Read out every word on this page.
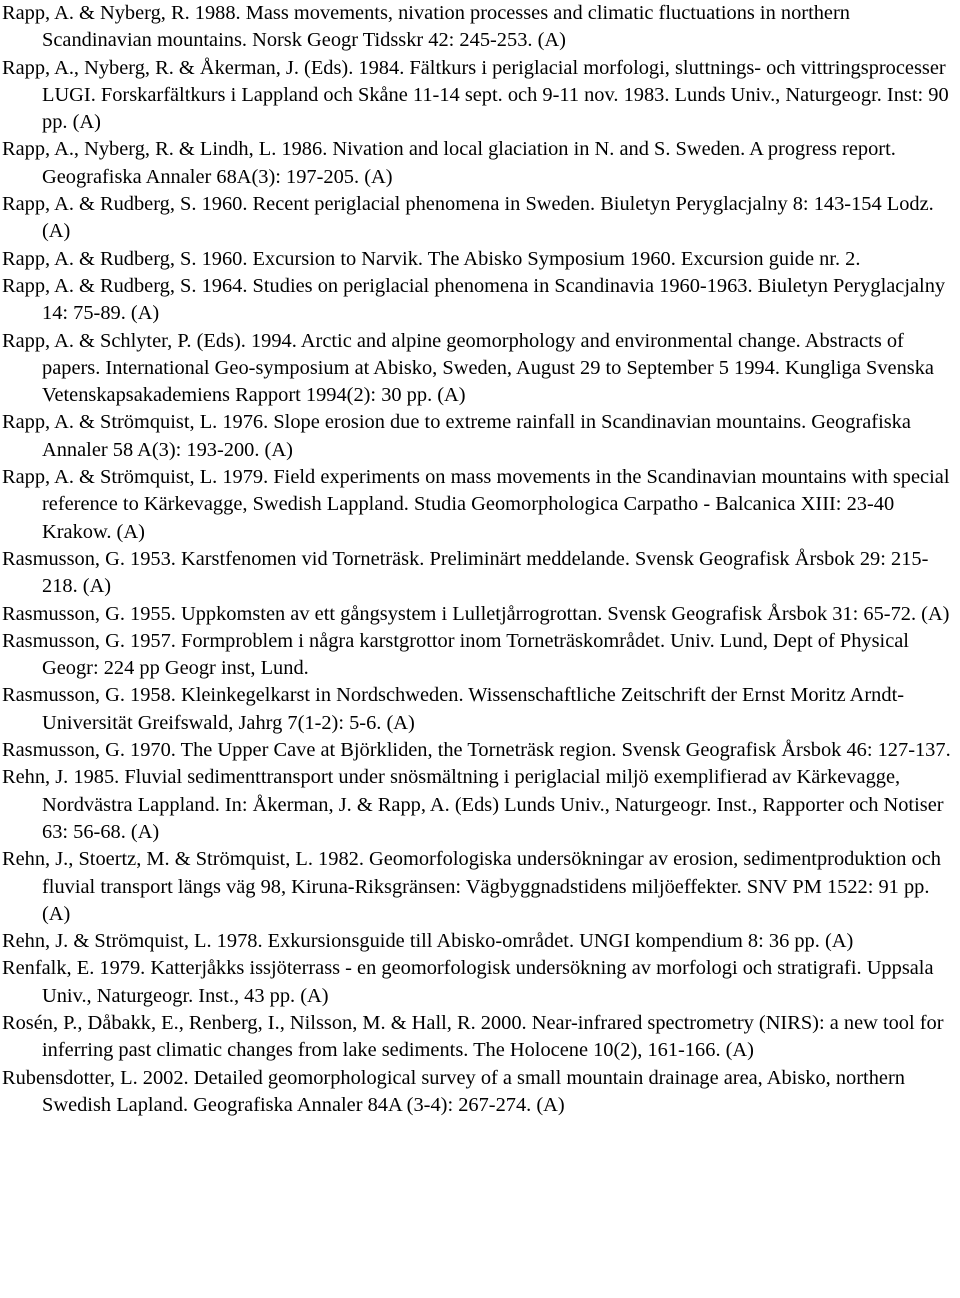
Rapp, A. & Nyberg, R. 1988. Mass movements, nivation processes and climatic fluctuations in northern Scandinavian mountains. Norsk Geogr Tidsskr 42: 245-253. (A)

Rapp, A., Nyberg, R. & Åkerman, J. (Eds). 1984. Fältkurs i periglacial morfologi, sluttnings- och vittringsprocesser LUGI. Forskarfältkurs i Lappland och Skåne 11-14 sept. och 9-11 nov. 1983. Lunds Univ., Naturgeogr. Inst: 90 pp. (A)

Rapp, A., Nyberg, R. & Lindh, L. 1986. Nivation and local glaciation in N. and S. Sweden. A progress report. Geografiska Annaler 68A(3): 197-205. (A)

Rapp, A. & Rudberg, S. 1960. Recent periglacial phenomena in Sweden. Biuletyn Peryglacjalny 8: 143-154 Lodz. (A)

Rapp, A. & Rudberg, S. 1960. Excursion to Narvik. The Abisko Symposium 1960. Excursion guide nr. 2.

Rapp, A. & Rudberg, S. 1964. Studies on periglacial phenomena in Scandinavia 1960-1963. Biuletyn Peryglacjalny 14: 75-89. (A)

Rapp, A. & Schlyter, P. (Eds). 1994. Arctic and alpine geomorphology and environmental change. Abstracts of papers. International Geo-symposium at Abisko, Sweden, August 29 to September 5 1994. Kungliga Svenska Vetenskapsakademiens Rapport 1994(2): 30 pp. (A)

Rapp, A. & Strömquist, L. 1976. Slope erosion due to extreme rainfall in Scandinavian mountains. Geografiska Annaler 58 A(3): 193-200. (A)

Rapp, A. & Strömquist, L. 1979. Field experiments on mass movements in the Scandinavian mountains with special reference to Kärkevagge, Swedish Lappland. Studia Geomorphologica Carpatho - Balcanica XIII: 23-40 Krakow. (A)

Rasmusson, G. 1953. Karstfenomen vid Torneträsk. Preliminärt meddelande. Svensk Geografisk Årsbok 29: 215-218. (A)

Rasmusson, G. 1955. Uppkomsten av ett gångsystem i Lulletjårrogrottan. Svensk Geografisk Årsbok 31: 65-72. (A)

Rasmusson, G. 1957. Formproblem i några karstgrottor inom Torneträskområdet. Univ. Lund, Dept of Physical Geogr: 224 pp Geogr inst, Lund.

Rasmusson, G. 1958. Kleinkegelkarst in Nordschweden. Wissenschaftliche Zeitschrift der Ernst Moritz Arndt-Universität Greifswald, Jahrg 7(1-2): 5-6. (A)

Rasmusson, G. 1970. The Upper Cave at Björkliden, the Torneträsk region. Svensk Geografisk Årsbok 46: 127-137.

Rehn, J. 1985. Fluvial sedimenttransport under snösmältning i periglacial miljö exemplifierad av Kärkevagge, Nordvästra Lappland. In: Åkerman, J. & Rapp, A. (Eds) Lunds Univ., Naturgeogr. Inst., Rapporter och Notiser 63: 56-68. (A)

Rehn, J., Stoertz, M. & Strömquist, L. 1982. Geomorfologiska undersökningar av erosion, sedimentproduktion och fluvial transport längs väg 98, Kiruna-Riksgränsen: Vägbyggnadstidens miljöeffekter. SNV PM 1522: 91 pp. (A)

Rehn, J. & Strömquist, L. 1978. Exkursionsguide till Abisko-området. UNGI kompendium 8: 36 pp. (A)

Renfalk, E. 1979. Katterjåkks issjöterrass - en geomorfologisk undersökning av morfologi och stratigrafi. Uppsala Univ., Naturgeogr. Inst., 43 pp. (A)

Rosén, P., Dåbakk, E., Renberg, I., Nilsson, M. & Hall, R. 2000. Near-infrared spectrometry (NIRS): a new tool for inferring past climatic changes from lake sediments. The Holocene 10(2), 161-166. (A)

Rubensdotter, L. 2002. Detailed geomorphological survey of a small mountain drainage area, Abisko, northern Swedish Lapland. Geografiska Annaler 84A (3-4): 267-274. (A)
